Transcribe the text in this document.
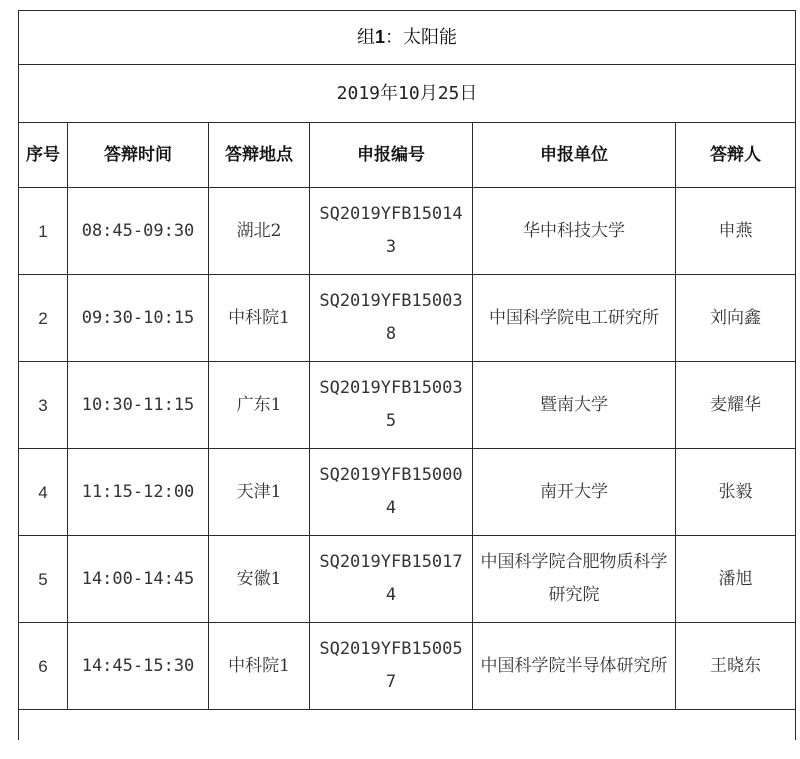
组1：太阳能					
2019年10月25日					
序号	答辩时间	答辩地点	申报编号	申报单位	答辩人
1	08:45-09:30	湖北2	SQ2019YFB150143	华中科技大学	申燕
2	09:30-10:15	中科院1	SQ2019YFB150038	中国科学院电工研究所	刘向鑫
3	10:30-11:15	广东1	SQ2019YFB150035	暨南大学	麦耀华
4	11:15-12:00	天津1	SQ2019YFB150004	南开大学	张毅
5	14:00-14:45	安徽1	SQ2019YFB150174	中国科学院合肥物质科学研究院	潘旭
6	14:45-15:30	中科院1	SQ2019YFB150057	中国科学院半导体研究所	王晓东
